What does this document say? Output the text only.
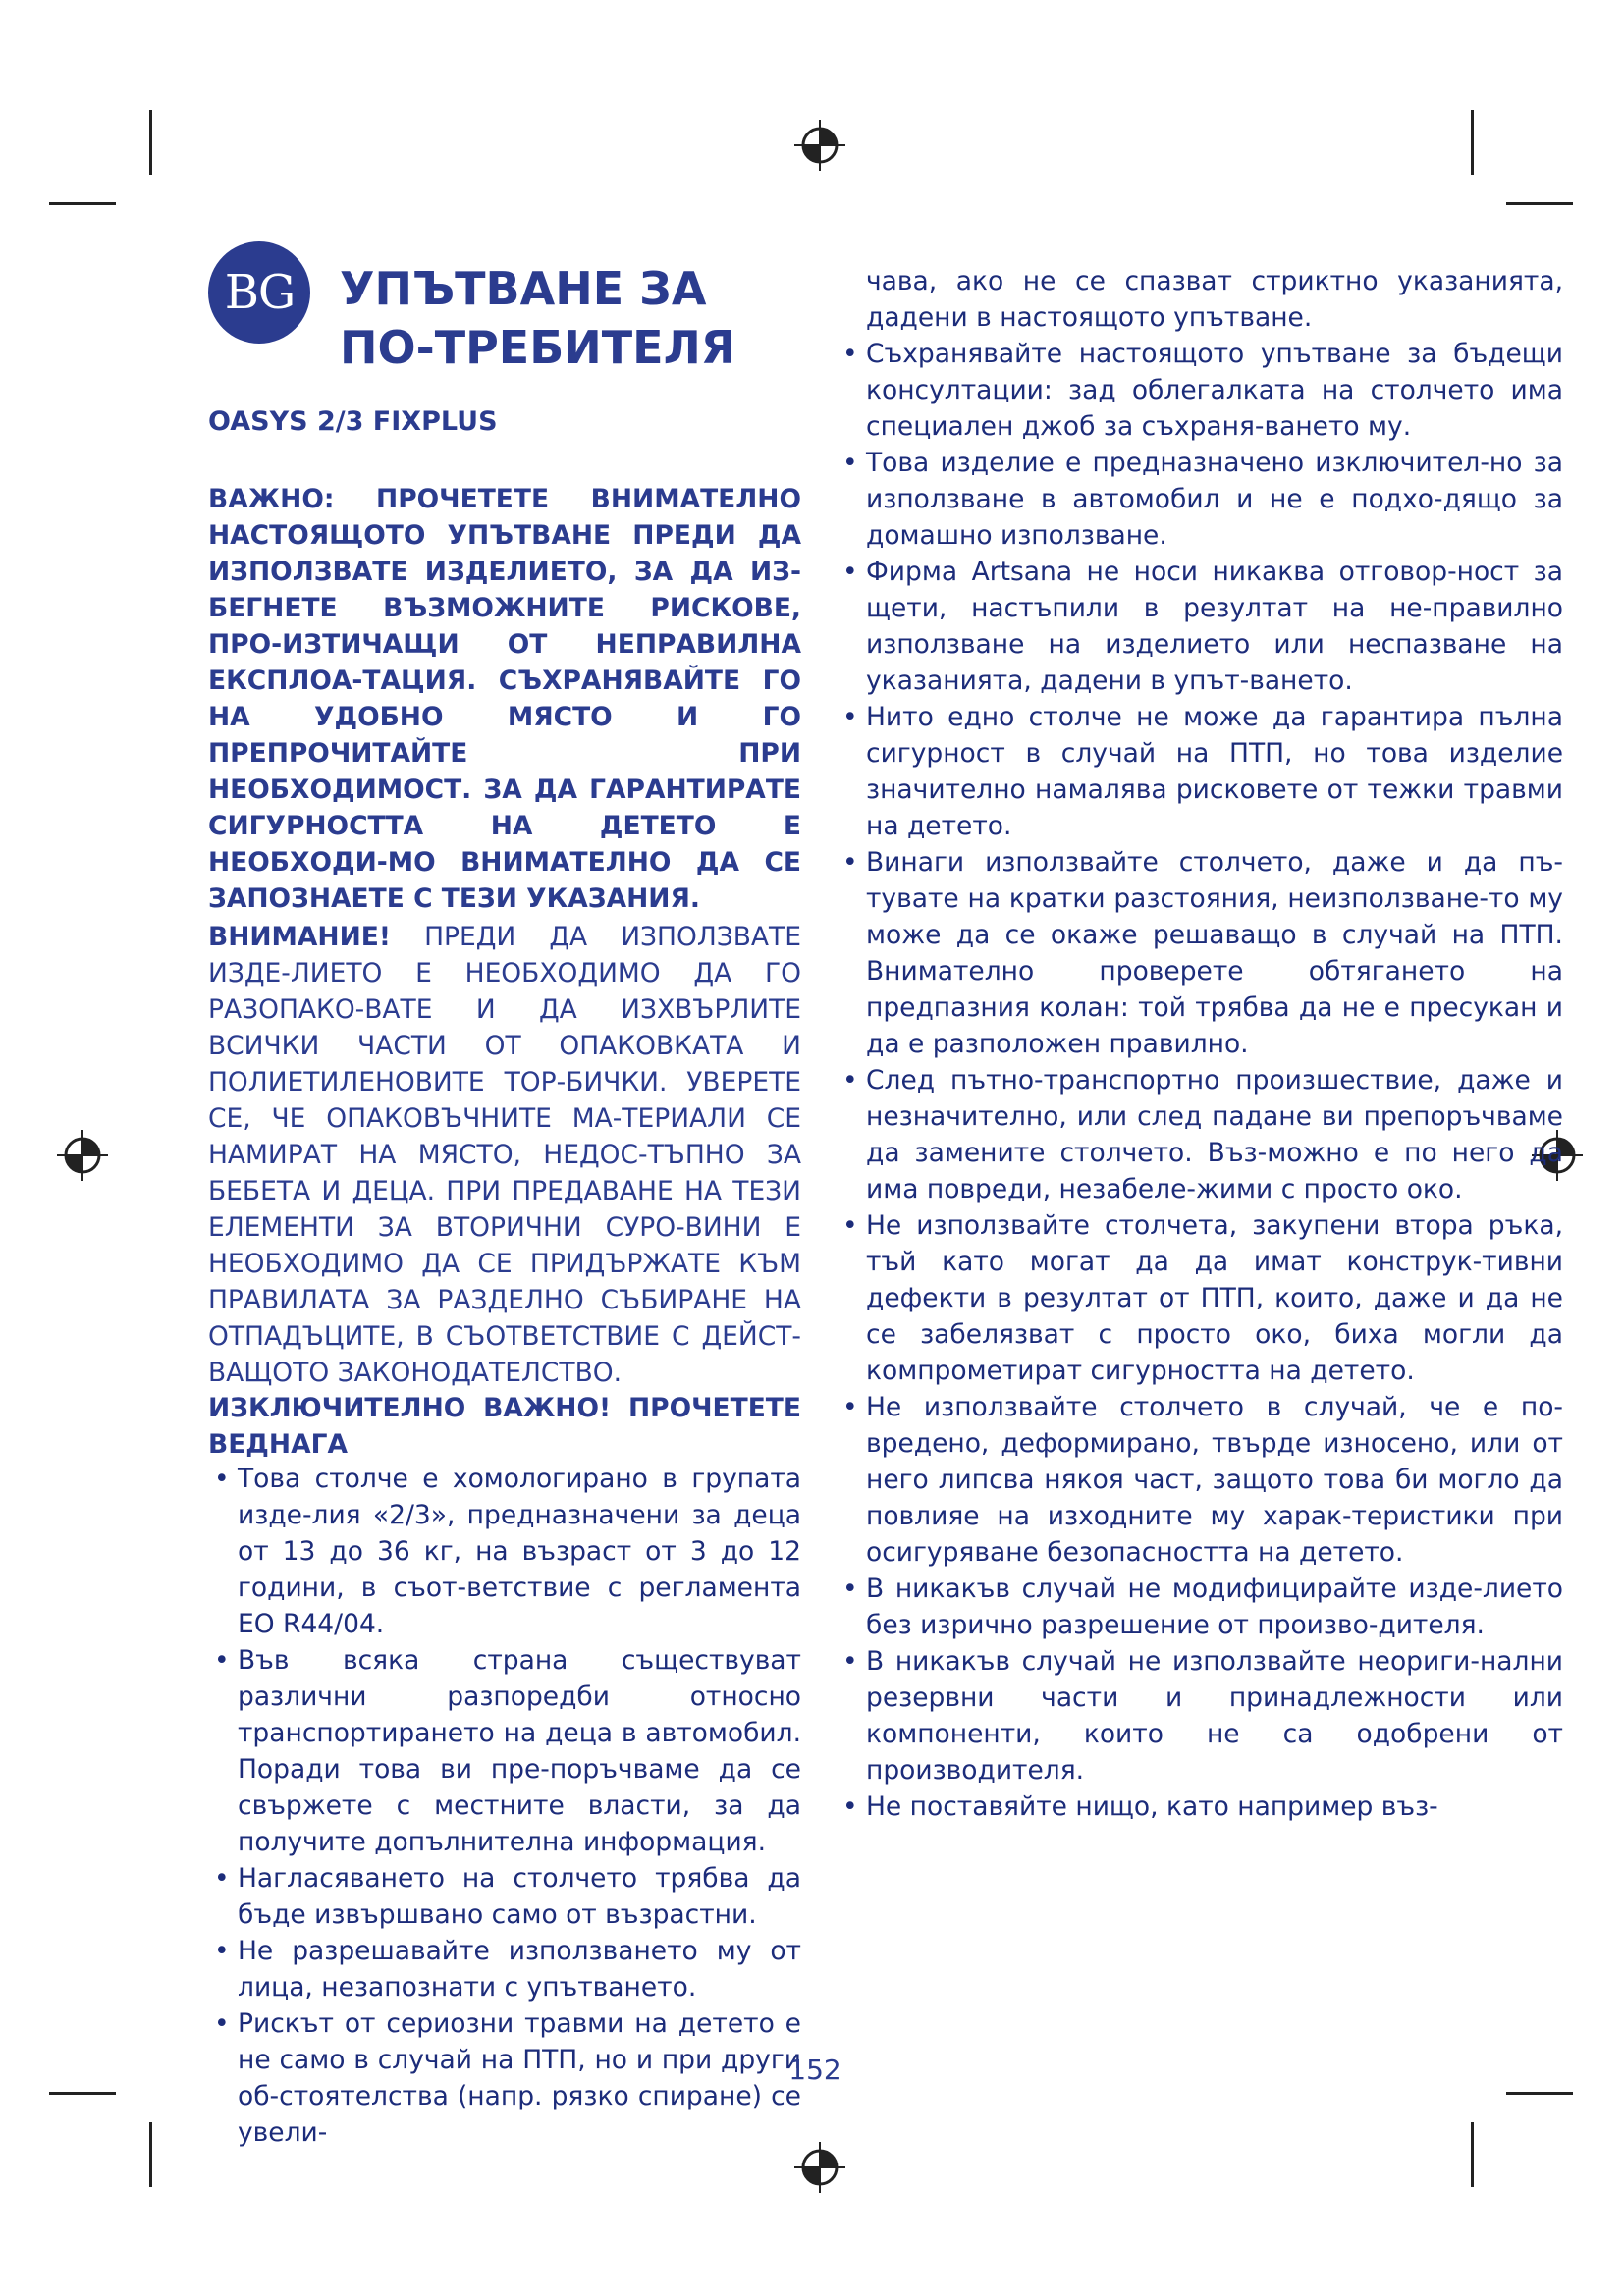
BG	УПЪТВАНЕ ЗА ПО-ТРЕБИТЕЛЯ

OASYS 2/3 FIXPLUS

ВАЖНО: ПРОЧЕТЕТЕ ВНИМАТЕЛНО НАСТОЯЩОТО УПЪТВАНЕ ПРЕДИ ДА ИЗПОЛЗВАТЕ ИЗДЕЛИЕТО, ЗА ДА ИЗ-БЕГНЕТЕ ВЪЗМОЖНИТЕ РИСКОВЕ, ПРО-ИЗТИЧАЩИ ОТ НЕПРАВИЛНА ЕКСПЛОА-ТАЦИЯ. СЪХРАНЯВАЙТЕ ГО НА УДОБНО МЯСТО И ГО ПРЕПРОЧИТАЙТЕ ПРИ НЕОБХОДИМОСТ. ЗА ДА ГАРАНТИРАТЕ СИГУРНОСТТА НА ДЕТЕТО Е НЕОБХОДИ-МО ВНИМАТЕЛНО ДА СЕ ЗАПОЗНАЕТЕ С ТЕЗИ УКАЗАНИЯ.

ВНИМАНИЕ! ПРЕДИ ДА ИЗПОЛЗВАТЕ ИЗДЕ-ЛИЕТО Е НЕОБХОДИМО ДА ГО РАЗОПАКО-ВАТЕ И ДА ИЗХВЪРЛИТЕ ВСИЧКИ ЧАСТИ ОТ ОПАКОВКАТА И ПОЛИЕТИЛЕНОВИТЕ ТОР-БИЧКИ. УВЕРЕТЕ СЕ, ЧЕ ОПАКОВЪЧНИТЕ МА-ТЕРИАЛИ СЕ НАМИРАТ НА МЯСТО, НЕДОС-ТЪПНО ЗА БЕБЕТА И ДЕЦА. ПРИ ПРЕДАВАНЕ НА ТЕЗИ ЕЛЕМЕНТИ ЗА ВТОРИЧНИ СУРО-ВИНИ Е НЕОБХОДИМО ДА СЕ ПРИДЪРЖАТЕ КЪМ ПРАВИЛАТА ЗА РАЗДЕЛНО СЪБИРАНЕ НА ОТПАДЪЦИТЕ, В СЪОТВЕТСТВИЕ С ДЕЙСТ-ВАЩОТО ЗАКОНОДАТЕЛСТВО.

ИЗКЛЮЧИТЕЛНО ВАЖНО! ПРОЧЕТЕТЕ ВЕДНАГА

• Това столче е хомологирано в групата изде-лия «2/3», предназначени за деца от 13 до 36 кг, на възраст от 3 до 12 години, в съот-ветствие с регламента ЕО R44/04.
• Във всяка страна съществуват различни разпоредби относно транспортирането на деца в автомобил. Поради това ви пре-поръчваме да се свържете с местните власти, за да получите допълнителна информация.
• Нагласяването на столчето трябва да бъде извършвано само от възрастни.
• Не разрешавайте използването му от лица, незапознати с упътването.
• Рискът от сериозни травми на детето е не само в случай на ПТП, но и при други об-стоятелства (напр. рязко спиране) се увели-
чава, ако не се спазват стриктно указанията, дадени в настоящото упътване.
• Съхранявайте настоящото упътване за бъдещи консултации: зад облегалката на столчето има специален джоб за съхраня-ването му.
• Това изделие е предназначено изключител-но за използване в автомобил и не е подхо-дящо за домашно използване.
• Фирма Artsana не носи никаква отговор-ност за щети, настъпили в резултат на не-правилно използване на изделието или неспазване на указанията, дадени в упът-ването.
• Нито едно столче не може да гарантира пълна сигурност в случай на ПТП, но това изделие значително намалява рисковете от тежки травми на детето.
• Винаги използвайте столчето, даже и да пъ-тувате на кратки разстояния, неизползване-то му може да се окаже решаващо в случай на ПТП. Внимателно проверете обтягането на предпазния колан: той трябва да не е пресукан и да е разположен правилно.
• След пътно-транспортно произшествие, даже и незначително, или след падане ви препоръчваме да замените столчето. Въз-можно е по него да има повреди, незабеле-жими с просто око.
• Не използвайте столчета, закупени втора ръка, тъй като могат да да имат конструк-тивни дефекти в резултат от ПТП, които, даже и да не се забелязват с просто око, биха могли да компрометират сигурността на детето.
• Не използвайте столчето в случай, че е по-вредено, деформирано, твърде износено, или от него липсва някоя част, защото това би могло да повлияе на изходните му харак-теристики при осигуряване безопасността на детето.
• В никакъв случай не модифицирайте изде-лието без изрично разрешение от произво-дителя.
• В никакъв случай не използвайте неориги-нални резервни части и принадлежности или компоненти, които не са одобрени от производителя.
• Не поставяйте нищо, като например въз-
152
